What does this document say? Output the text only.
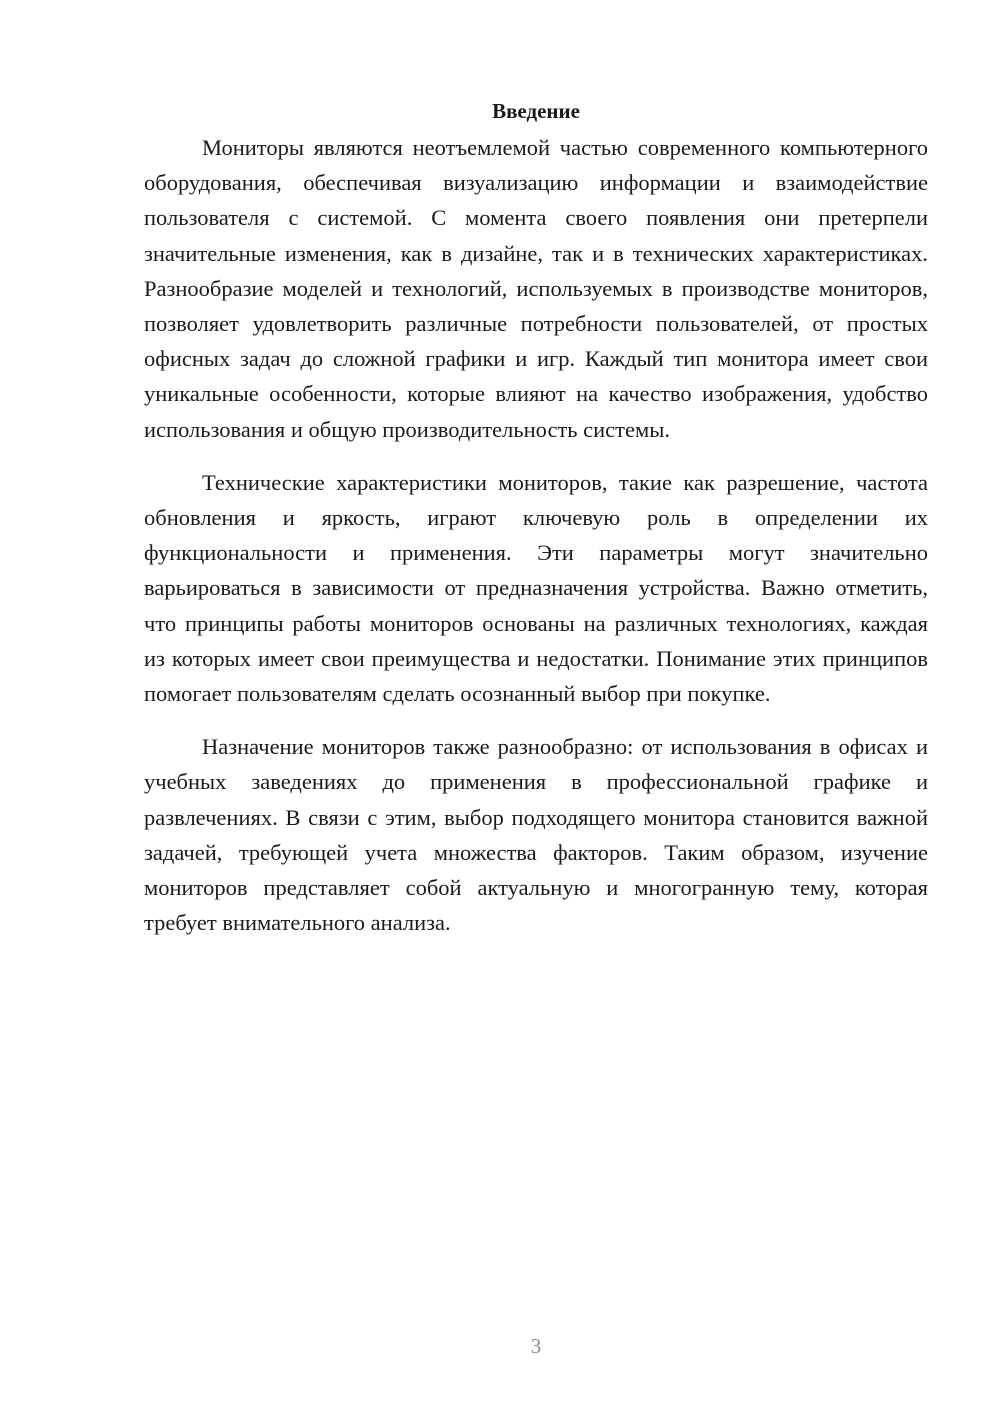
Введение

Мониторы являются неотъемлемой частью современного компьютерного оборудования, обеспечивая визуализацию информации и взаимодействие пользователя с системой. С момента своего появления они претерпели значительные изменения, как в дизайне, так и в технических характеристиках. Разнообразие моделей и технологий, используемых в производстве мониторов, позволяет удовлетворить различные потребности пользователей, от простых офисных задач до сложной графики и игр. Каждый тип монитора имеет свои уникальные особенности, которые влияют на качество изображения, удобство использования и общую производительность системы.

Технические характеристики мониторов, такие как разрешение, частота обновления и яркость, играют ключевую роль в определении их функциональности и применения. Эти параметры могут значительно варьироваться в зависимости от предназначения устройства. Важно отметить, что принципы работы мониторов основаны на различных технологиях, каждая из которых имеет свои преимущества и недостатки. Понимание этих принципов помогает пользователям сделать осознанный выбор при покупке.

Назначение мониторов также разнообразно: от использования в офисах и учебных заведениях до применения в профессиональной графике и развлечениях. В связи с этим, выбор подходящего монитора становится важной задачей, требующей учета множества факторов. Таким образом, изучение мониторов представляет собой актуальную и многогранную тему, которая требует внимательного анализа.

3
